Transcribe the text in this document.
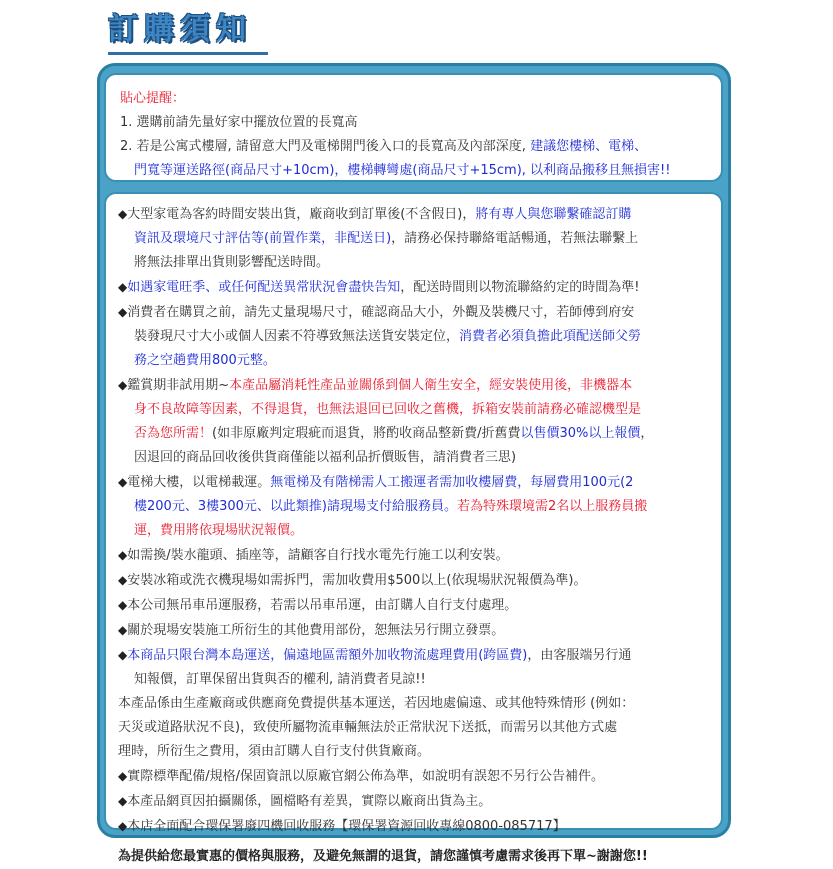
訂購須知

貼心提醒：

1. 選購前請先量好家中擺放位置的長寬高

2. 若是公寓式樓層, 請留意大門及電梯開門後入口的長寬高及內部深度, 建議您樓梯、電梯、

門寬等運送路徑(商品尺寸+10cm)，樓梯轉彎處(商品尺寸+15cm), 以利商品搬移且無損害!!

◆大型家電為客約時間安裝出貨，廠商收到訂單後(不含假日)，將有專人與您聯繫確認訂購

資訊及環境尺寸評估等(前置作業，非配送日)，請務必保持聯絡電話暢通，若無法聯繫上

將無法排單出貨則影響配送時間。

◆如遇家電旺季、或任何配送異常狀況會盡快告知，配送時間則以物流聯絡約定的時間為準!

◆消費者在購買之前，請先丈量現場尺寸，確認商品大小，外觀及裝機尺寸，若師傅到府安

裝發現尺寸大小或個人因素不符導致無法送貨安裝定位，消費者必須負擔此項配送師父勞

務之空趟費用800元整。

◆鑑賞期非試用期~本產品屬消耗性產品並關係到個人衛生安全，經安裝使用後，非機器本

身不良故障等因素，不得退貨，也無法退回已回收之舊機，拆箱安裝前請務必確認機型是

否為您所需！(如非原廠判定瑕疵而退貨，將酌收商品整新費/折舊費以售價30%以上報價，

因退回的商品回收後供貨商僅能以福利品折價販售，請消費者三思)

◆電梯大樓，以電梯載運。無電梯及有階梯需人工搬運者需加收樓層費，每層費用100元(2

樓200元、3樓300元、以此類推)請現場支付給服務員。若為特殊環境需2名以上服務員搬

運，費用將依現場狀況報價。

◆如需換/裝水龍頭、插座等，請顧客自行找水電先行施工以利安裝。

◆安裝冰箱或洗衣機現場如需拆門，需加收費用$500以上(依現場狀況報價為準)。

◆本公司無吊車吊運服務，若需以吊車吊運，由訂購人自行支付處理。

◆關於現場安裝施工所衍生的其他費用部份，恕無法另行開立發票。

◆本商品只限台灣本島運送，偏遠地區需額外加收物流處理費用(跨區費)，由客服端另行通

知報價，訂單保留出貨與否的權利, 請消費者見諒!!

本產品係由生產廠商或供應商免費提供基本運送，若因地處偏遠、或其他特殊情形 (例如：

天災或道路狀況不良)，致使所屬物流車輛無法於正常狀況下送抵，而需另以其他方式處

理時，所衍生之費用，須由訂購人自行支付供貨廠商。

◆實際標準配備/規格/保固資訊以原廠官網公佈為準，如說明有誤恕不另行公告補件。

◆本產品網頁因拍攝關係，圖檔略有差異，實際以廠商出貨為主。

◆本店全面配合環保署廢四機回收服務【環保署資源回收專線0800-085717】

為提供給您最實惠的價格與服務，及避免無謂的退貨，請您謹慎考慮需求後再下單~謝謝您!!
